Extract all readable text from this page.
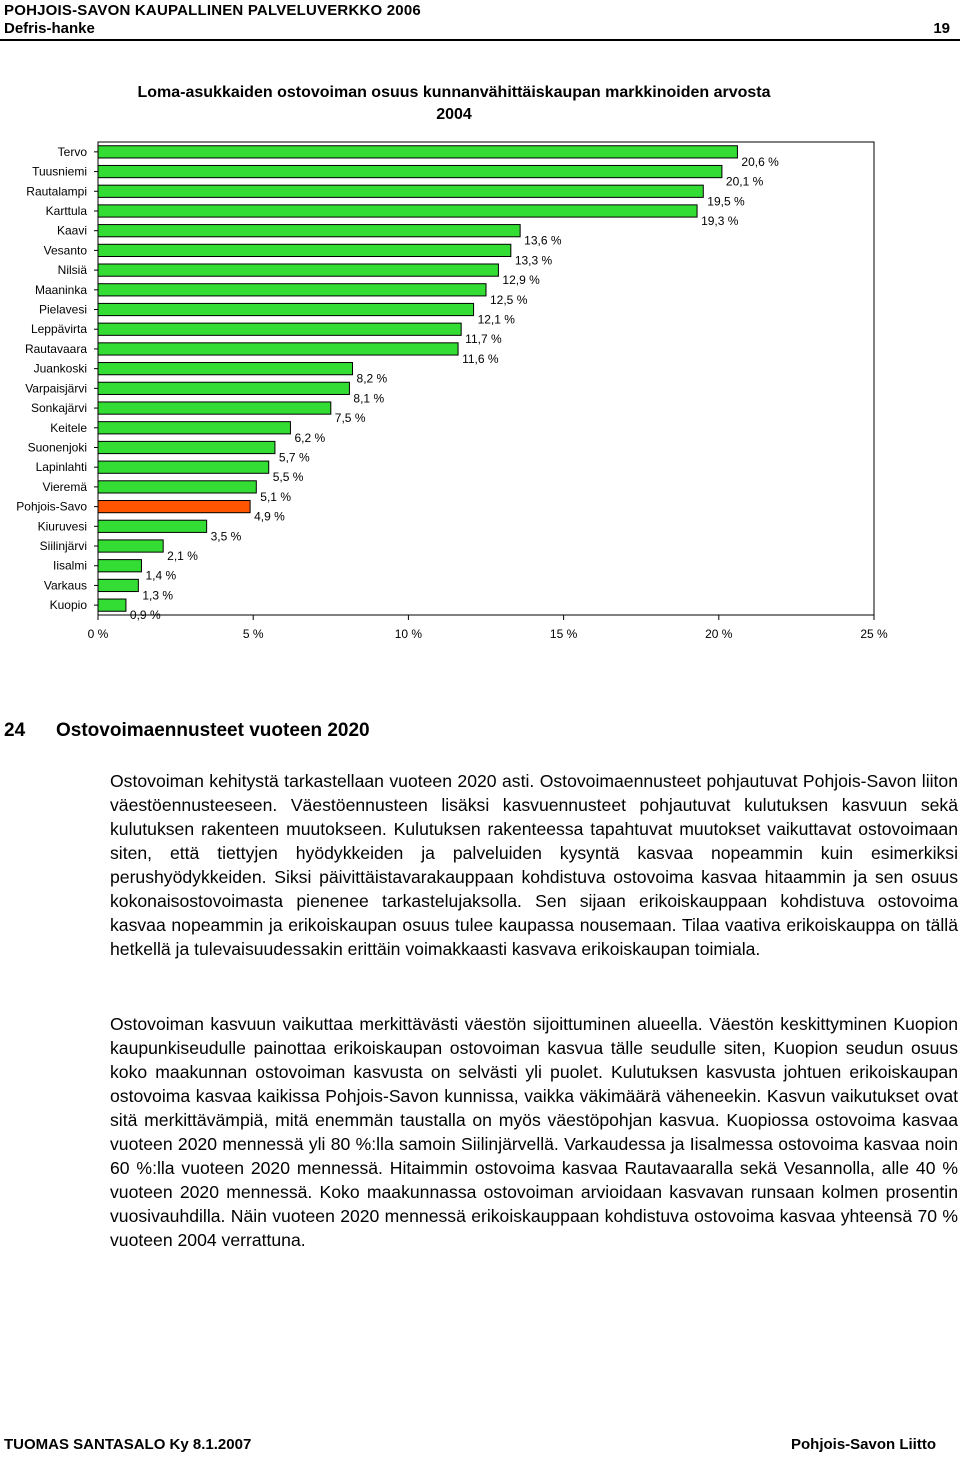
POHJOIS-SAVON KAUPALLINEN PALVELUVERKKO 2006
Defris-hanke	19
Loma-asukkaiden ostovoiman osuus kunnanvähittäiskaupan markkinoiden arvosta
2004
0 %	5 %	10 %	15 %	20 %	25 %
Tervo
20,6 %
Tuusniemi
20,1 %
Rautalampi
19,5 %
Karttula
19,3 %
Kaavi
13,6 %
Vesanto
13,3 %
Nilsiä
12,9 %
Maaninka
12,5 %
Pielavesi
12,1 %
Leppävirta
11,7 %
Rautavaara
11,6 %
Juankoski
8,2 %
Varpaisjärvi
8,1 %
Sonkajärvi
7,5 %
Keitele
6,2 %
Suonenjoki
5,7 %
Lapinlahti
5,5 %
Vieremä
5,1 %
Pohjois-Savo
4,9 %
Kiuruvesi
3,5 %
Siilinjärvi
2,1 %
Iisalmi
1,4 %
Varkaus
1,3 %
Kuopio
0,9 %
24 Ostovoimaennusteet vuoteen 2020

Ostovoiman kehitystä tarkastellaan vuoteen 2020 asti. Ostovoimaennusteet pohjautuvat Pohjois-Savon liiton väestöennusteeseen. Väestöennusteen lisäksi kasvuennusteet pohjautuvat kulutuksen kasvuun sekä kulutuksen rakenteen muutokseen. Kulutuksen rakenteessa tapahtuvat muutokset vaikuttavat ostovoimaan siten, että tiettyjen hyödykkeiden ja palveluiden kysyntä kasvaa nopeammin kuin esimerkiksi perushyödykkeiden. Siksi päivittäistavarakauppaan kohdistuva ostovoima kasvaa hitaammin ja sen osuus kokonaisostovoimasta pienenee tarkastelujaksolla. Sen sijaan erikoiskauppaan kohdistuva ostovoima kasvaa nopeammin ja erikoiskaupan osuus tulee kaupassa nousemaan. Tilaa vaativa erikoiskauppa on tällä hetkellä ja tulevaisuudessakin erittäin voimakkaasti kasvava erikoiskaupan toimiala.

Ostovoiman kasvuun vaikuttaa merkittävästi väestön sijoittuminen alueella. Väestön keskittyminen Kuopion kaupunkiseudulle painottaa erikoiskaupan ostovoiman kasvua tälle seudulle siten, Kuopion seudun osuus koko maakunnan ostovoiman kasvusta on selvästi yli puolet. Kulutuksen kasvusta johtuen erikoiskaupan ostovoima kasvaa kaikissa Pohjois-Savon kunnissa, vaikka väkimäärä väheneekin. Kasvun vaikutukset ovat sitä merkittävämpiä, mitä enemmän taustalla on myös väestöpohjan kasvua. Kuopiossa ostovoima kasvaa vuoteen 2020 mennessä yli 80 %:lla samoin Siilinjärvellä. Varkaudessa ja Iisalmessa ostovoima kasvaa noin 60 %:lla vuoteen 2020 mennessä. Hitaimmin ostovoima kasvaa Rautavaaralla sekä Vesannolla, alle 40 % vuoteen 2020 mennessä. Koko maakunnassa ostovoiman arvioidaan kasvavan runsaan kolmen prosentin vuosivauhdilla. Näin vuoteen 2020 mennessä erikoiskauppaan kohdistuva ostovoima kasvaa yhteensä 70 % vuoteen 2004 verrattuna.

TUOMAS SANTASALO Ky 8.1.2007	Pohjois-Savon Liitto
